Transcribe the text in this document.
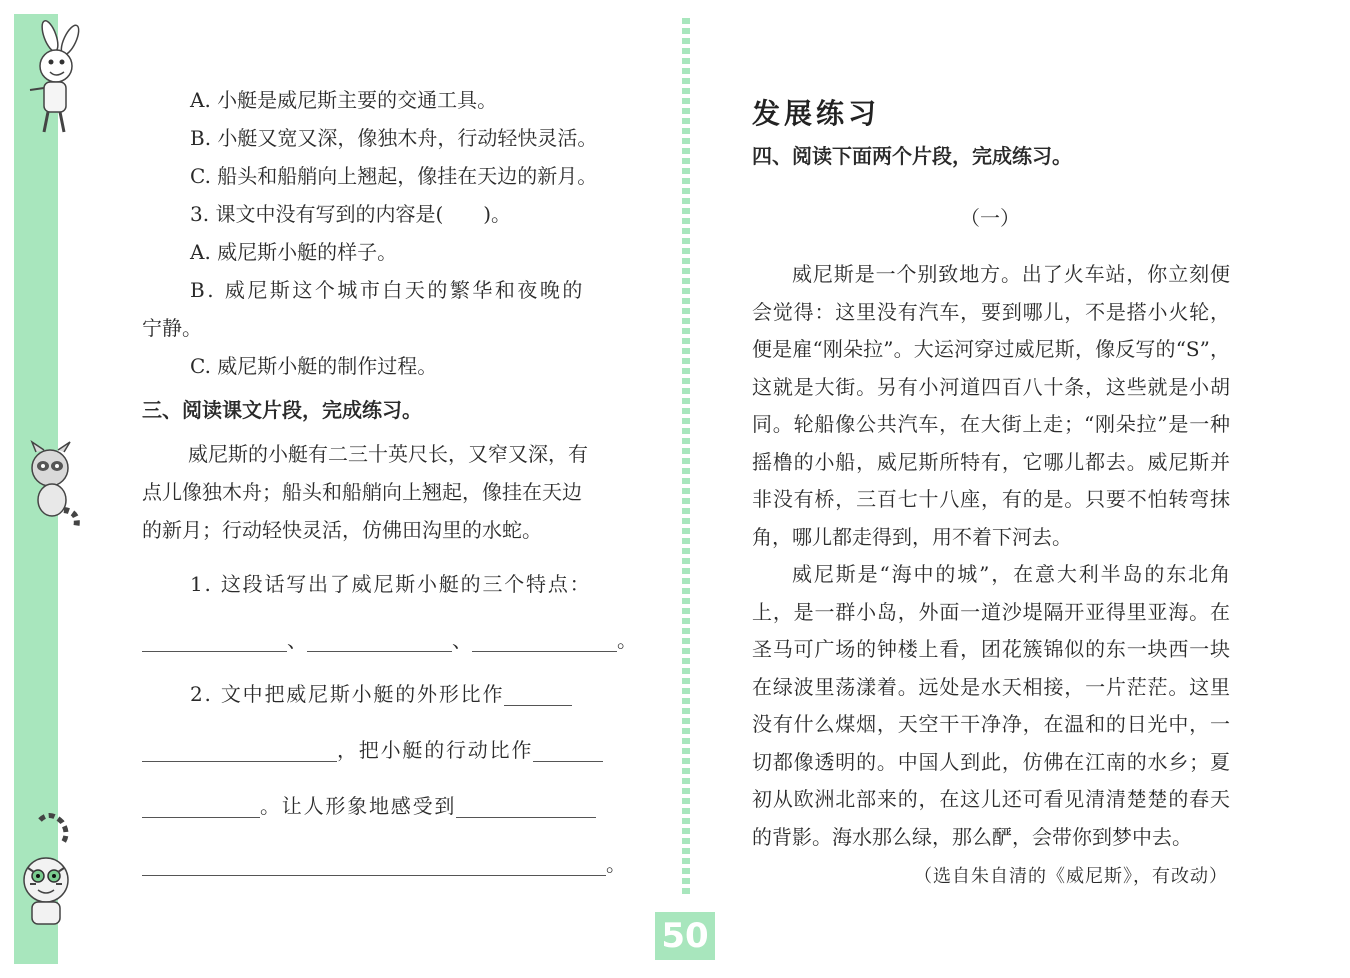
A. 小艇是威尼斯主要的交通工具。
B. 小艇又宽又深，像独木舟，行动轻快灵活。
C. 船头和船艄向上翘起，像挂在天边的新月。
3. 课文中没有写到的内容是(　　)。
A. 威尼斯小艇的样子。
B. 威尼斯这个城市白天的繁华和夜晚的
宁静。
C. 威尼斯小艇的制作过程。
三、阅读课文片段，完成练习。
威尼斯的小艇有二三十英尺长，又窄又深，有
点儿像独木舟；船头和船艄向上翘起，像挂在天边
的新月；行动轻快灵活，仿佛田沟里的水蛇。
1. 这段话写出了威尼斯小艇的三个特点：
、	、	。
2. 文中把威尼斯小艇的外形比作
，把小艇的行动比作
。让人形象地感受到
。
发展练习
四、阅读下面两个片段，完成练习。
（一）
威尼斯是一个别致地方。出了火车站，你立刻便会觉得：这里没有汽车，要到哪儿，不是搭小火轮，便是雇“刚朵拉”。大运河穿过威尼斯，像反写的“S”，这就是大街。另有小河道四百八十条，这些就是小胡同。轮船像公共汽车，在大街上走；“刚朵拉”是一种摇橹的小船，威尼斯所特有，它哪儿都去。威尼斯并非没有桥，三百七十八座，有的是。只要不怕转弯抹角，哪儿都走得到，用不着下河去。
威尼斯是“海中的城”，在意大利半岛的东北角上，是一群小岛，外面一道沙堤隔开亚得里亚海。在圣马可广场的钟楼上看，团花簇锦似的东一块西一块在绿波里荡漾着。远处是水天相接，一片茫茫。这里没有什么煤烟，天空干干净净，在温和的日光中，一切都像透明的。中国人到此，仿佛在江南的水乡；夏初从欧洲北部来的，在这儿还可看见清清楚楚的春天的背影。海水那么绿，那么酽，会带你到梦中去。
（选自朱自清的《威尼斯》，有改动）
50
